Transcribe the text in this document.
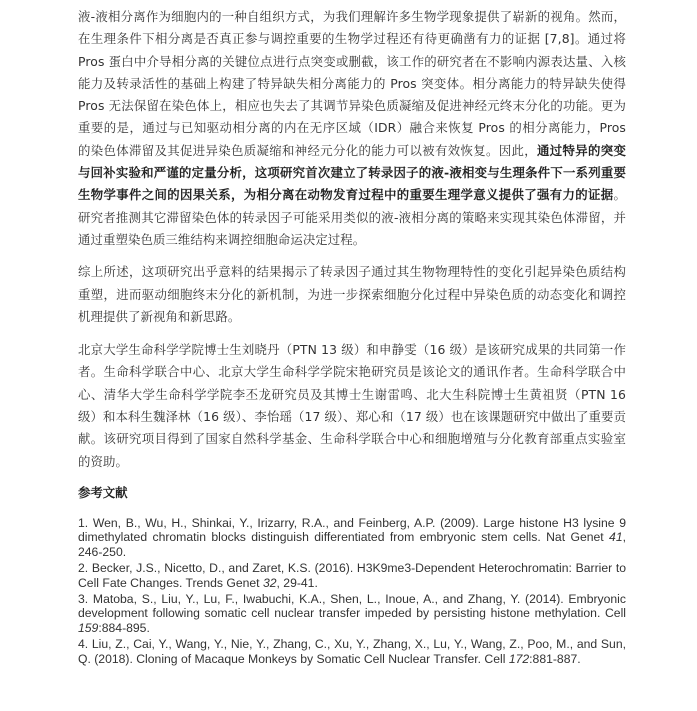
液-液相分离作为细胞内的一种自组织方式，为我们理解许多生物学现象提供了崭新的视角。然而，在生理条件下相分离是否真正参与调控重要的生物学过程还有待更确凿有力的证据 [7,8]。通过将 Pros 蛋白中介导相分离的关键位点进行点突变或删截，该工作的研究者在不影响内源表达量、入核能力及转录活性的基础上构建了特异缺失相分离能力的 Pros 突变体。相分离能力的特异缺失使得 Pros 无法保留在染色体上，相应也失去了其调节异染色质凝缩及促进神经元终末分化的功能。更为重要的是，通过与已知驱动相分离的内在无序区域（IDR）融合来恢复 Pros 的相分离能力，Pros 的染色体滞留及其促进异染色质凝缩和神经元分化的能力可以被有效恢复。因此，通过特异的突变与回补实验和严谨的定量分析，这项研究首次建立了转录因子的液-液相变与生理条件下一系列重要生物学事件之间的因果关系，为相分离在动物发育过程中的重要生理学意义提供了强有力的证据。研究者推测其它滞留染色体的转录因子可能采用类似的液-液相分离的策略来实现其染色体滞留，并通过重塑染色质三维结构来调控细胞命运决定过程。

综上所述，这项研究出乎意料的结果揭示了转录因子通过其生物物理特性的变化引起异染色质结构重塑，进而驱动细胞终末分化的新机制，为进一步探索细胞分化过程中异染色质的动态变化和调控机理提供了新视角和新思路。

北京大学生命科学学院博士生刘晓丹（PTN 13 级）和申静雯（16 级）是该研究成果的共同第一作者。生命科学联合中心、北京大学生命科学学院宋艳研究员是该论文的通讯作者。生命科学联合中心、清华大学生命科学学院李丕龙研究员及其博士生谢雷鸣、北大生科院博士生黄祖贤（PTN 16 级）和本科生魏泽林（16 级）、李怡瑶（17 级）、郑心和（17 级）也在该课题研究中做出了重要贡献。该研究项目得到了国家自然科学基金、生命科学联合中心和细胞增殖与分化教育部重点实验室的资助。

参考文献

1. Wen, B., Wu, H., Shinkai, Y., Irizarry, R.A., and Feinberg, A.P. (2009). Large histone H3 lysine 9 dimethylated chromatin blocks distinguish differentiated from embryonic stem cells. Nat Genet 41, 246-250.

2. Becker, J.S., Nicetto, D., and Zaret, K.S. (2016). H3K9me3-Dependent Heterochromatin: Barrier to Cell Fate Changes. Trends Genet 32, 29-41.

3. Matoba, S., Liu, Y., Lu, F., Iwabuchi, K.A., Shen, L., Inoue, A., and Zhang, Y. (2014). Embryonic development following somatic cell nuclear transfer impeded by persisting histone methylation. Cell 159:884-895.

4. Liu, Z., Cai, Y., Wang, Y., Nie, Y., Zhang, C., Xu, Y., Zhang, X., Lu, Y., Wang, Z., Poo, M., and Sun, Q. (2018). Cloning of Macaque Monkeys by Somatic Cell Nuclear Transfer. Cell 172:881-887.
